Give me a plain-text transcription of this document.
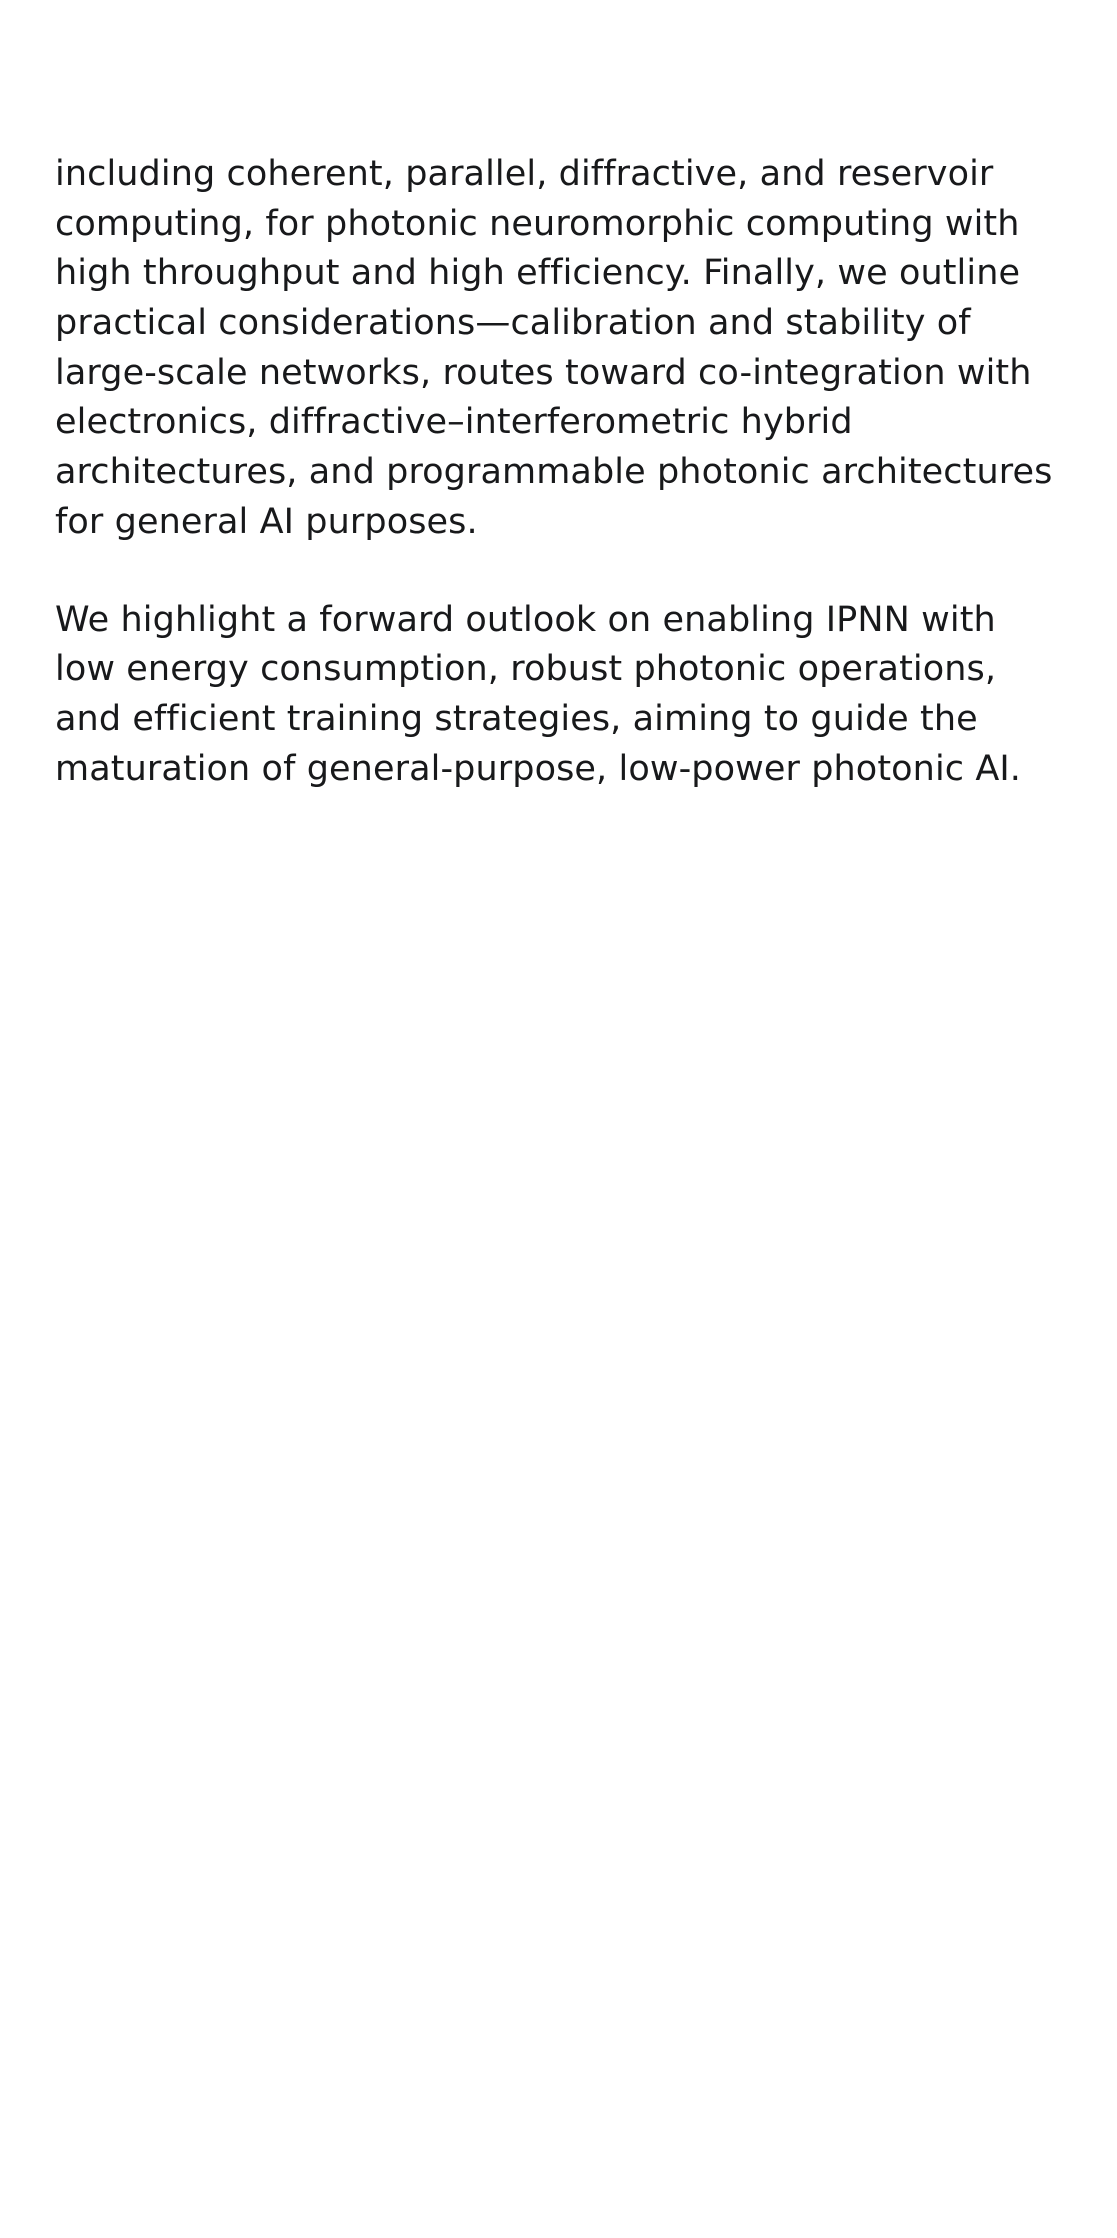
including coherent, parallel, diffractive, and reservoir computing, for photonic neuromorphic computing with high throughput and high efficiency. Finally, we outline practical considerations—calibration and stability of large-scale networks, routes toward co-integration with electronics, diffractive–interferometric hybrid architectures, and programmable photonic architectures for general AI purposes.

We highlight a forward outlook on enabling IPNN with low energy consumption, robust photonic operations, and efficient training strategies, aiming to guide the maturation of general-purpose, low-power photonic AI.
